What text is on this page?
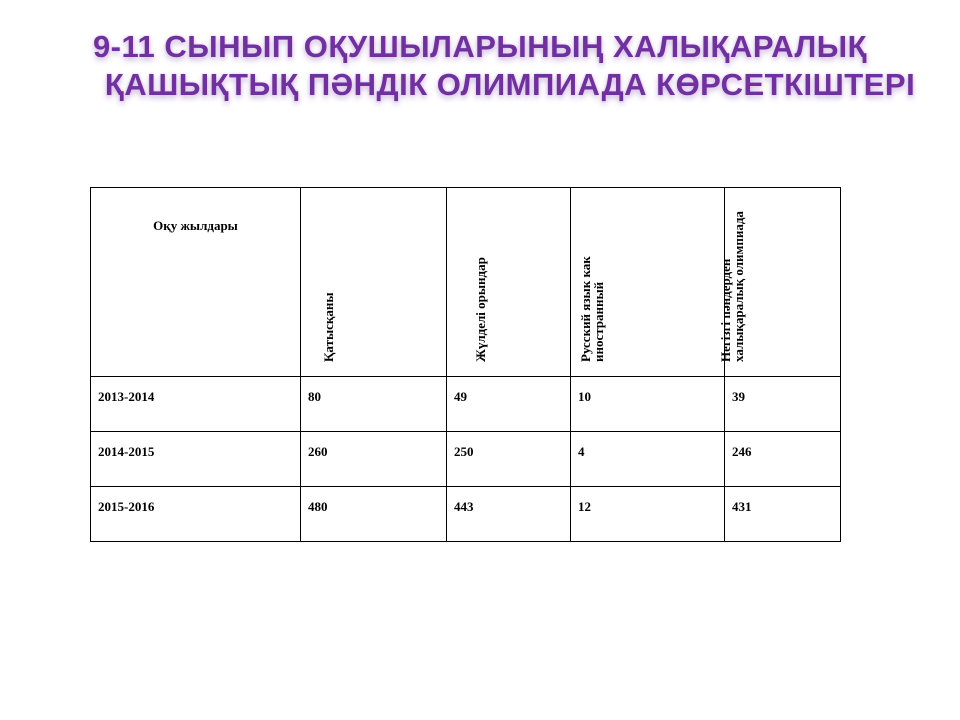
9-11 СЫНЫП ОҚУШЫЛАРЫНЫҢ ХАЛЫҚАРАЛЫҚ
ҚАШЫҚТЫҚ ПӘНДІК ОЛИМПИАДА КӨРСЕТКІШТЕРІ
Оқу жылдары	Қатысқаны	Жүлделі орындар	Русский язык как иностранный	Негізгі пәндерден халықаралық олимпиада

2013-2014	80	49	10	39
2014-2015	260	250	4	246
2015-2016	480	443	12	431
